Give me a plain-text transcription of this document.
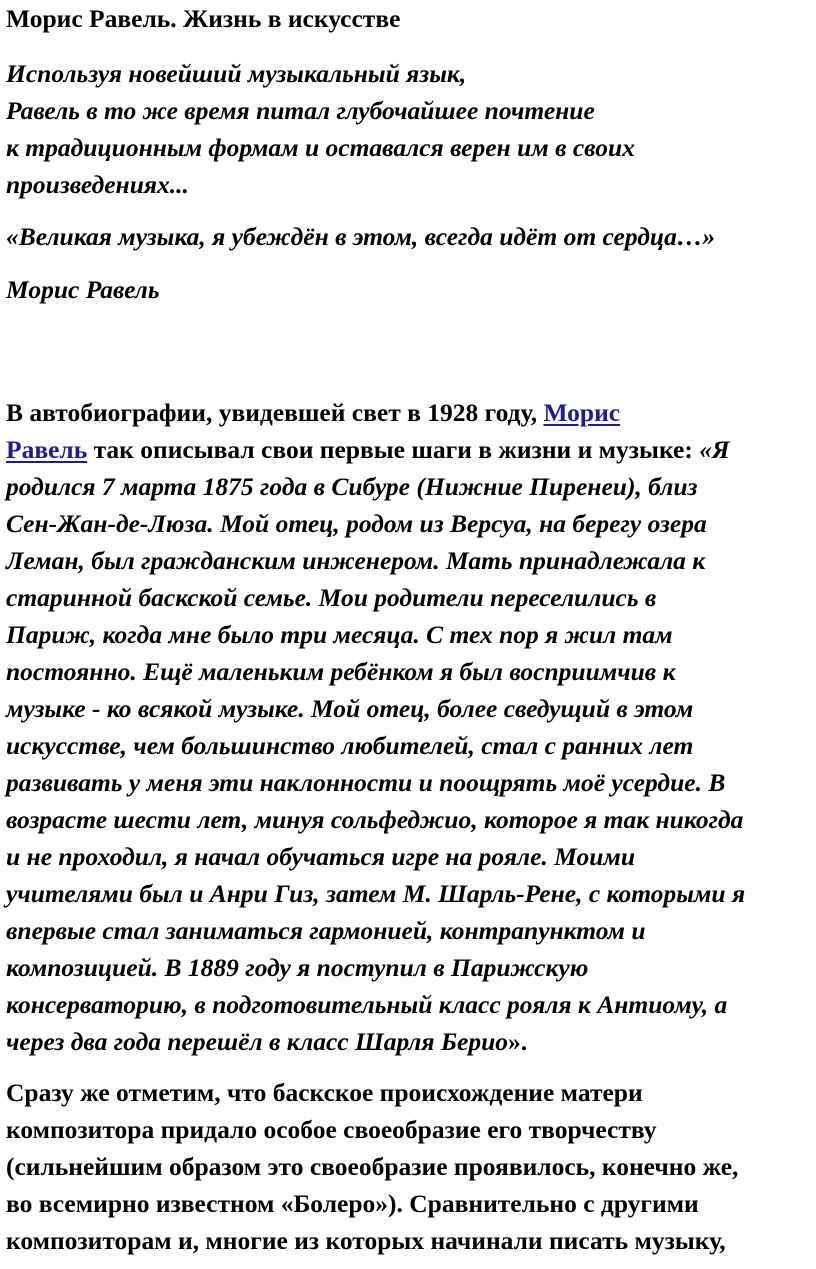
Морис Равель. Жизнь в искусстве
Используя новейший музыкальный язык,
Равель в то же время питал глубочайшее почтение
к традиционным формам и оставался верен им в своих
произведениях...
«Великая музыка, я убеждён в этом, всегда идёт от сердца…»
Морис Равель
В автобиографии, увидевшей свет в 1928 году, Морис
Равель так описывал свои первые шаги в жизни и музыке: «Я
родился 7 марта 1875 года в Сибуре (Нижние Пиренеи), близ
Сен-Жан-де-Люза. Мой отец, родом из Версуа, на берегу озера
Леман, был гражданским инженером. Мать принадлежала к
старинной баскской семье. Мои родители переселились в
Париж, когда мне было три месяца. С тех пор я жил там
постоянно. Ещё маленьким ребёнком я был восприимчив к
музыке - ко всякой музыке. Мой отец, более сведущий в этом
искусстве, чем большинство любителей, стал с ранних лет
развивать у меня эти наклонности и поощрять моё усердие. В
возрасте шести лет, минуя сольфеджио, которое я так никогда
и не проходил, я начал обучаться игре на рояле. Моими
учителями был и Анри Гиз, затем М. Шарль-Рене, с которыми я
впервые стал заниматься гармонией, контрапунктом и
композицией. В 1889 году я поступил в Парижскую
консерваторию, в подготовительный класс рояля к Антиому, а
через два года перешёл в класс Шарля Берио».
Сразу же отметим, что баскское происхождение матери
композитора придало особое своеобразие его творчеству
(сильнейшим образом это своеобразие проявилось, конечно же,
во всемирно известном «Болеро»). Сравнительно с другими
композиторам и, многие из которых начинали писать музыку,
